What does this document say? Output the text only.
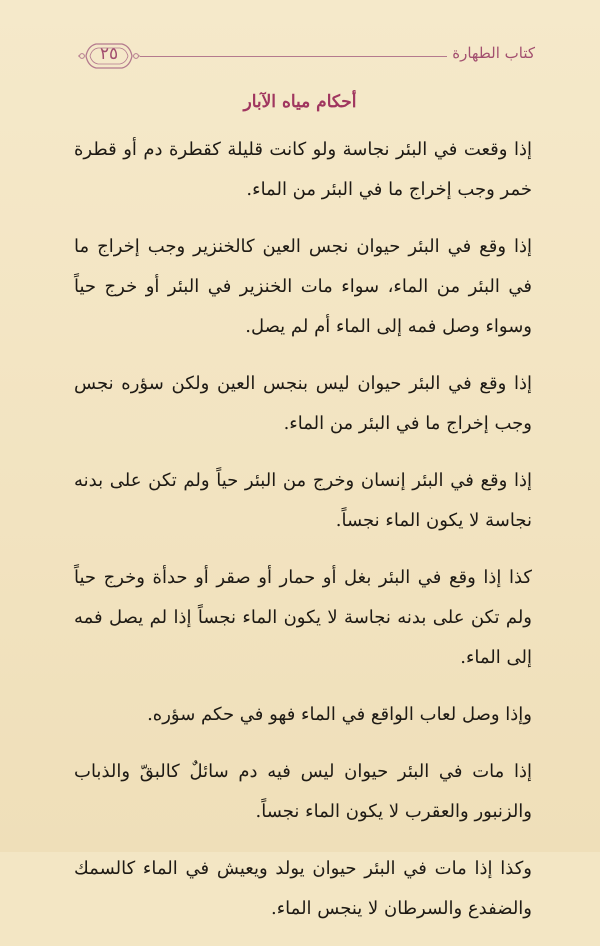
٢٥	كتاب الطهارة
أحكام مياه الآبار

إذا وقعت في البئر نجاسة ولو كانت قليلة كقطرة دم أو قطرة خمر وجب إخراج ما في البئر من الماء.

إذا وقع في البئر حيوان نجس العين كالخنزير وجب إخراج ما في البئر من الماء، سواء مات الخنزير في البئر أو خرج حياً وسواء وصل فمه إلى الماء أم لم يصل.

إذا وقع في البئر حيوان ليس بنجس العين ولكن سؤره نجس وجب إخراج ما في البئر من الماء.

إذا وقع في البئر إنسان وخرج من البئر حياً ولم تكن على بدنه نجاسة لا يكون الماء نجساً.

كذا إذا وقع في البئر بغل أو حمار أو صقر أو حدأة وخرج حياً ولم تكن على بدنه نجاسة لا يكون الماء نجساً إذا لم يصل فمه إلى الماء.

وإذا وصل لعاب الواقع في الماء فهو في حكم سؤره.

إذا مات في البئر حيوان ليس فيه دم سائلٌ كالبقّ والذباب والزنبور والعقرب لا يكون الماء نجساً.

وكذا إذا مات في البئر حيوان يولد ويعيش في الماء كالسمك والضفدع والسرطان لا ينجس الماء.
